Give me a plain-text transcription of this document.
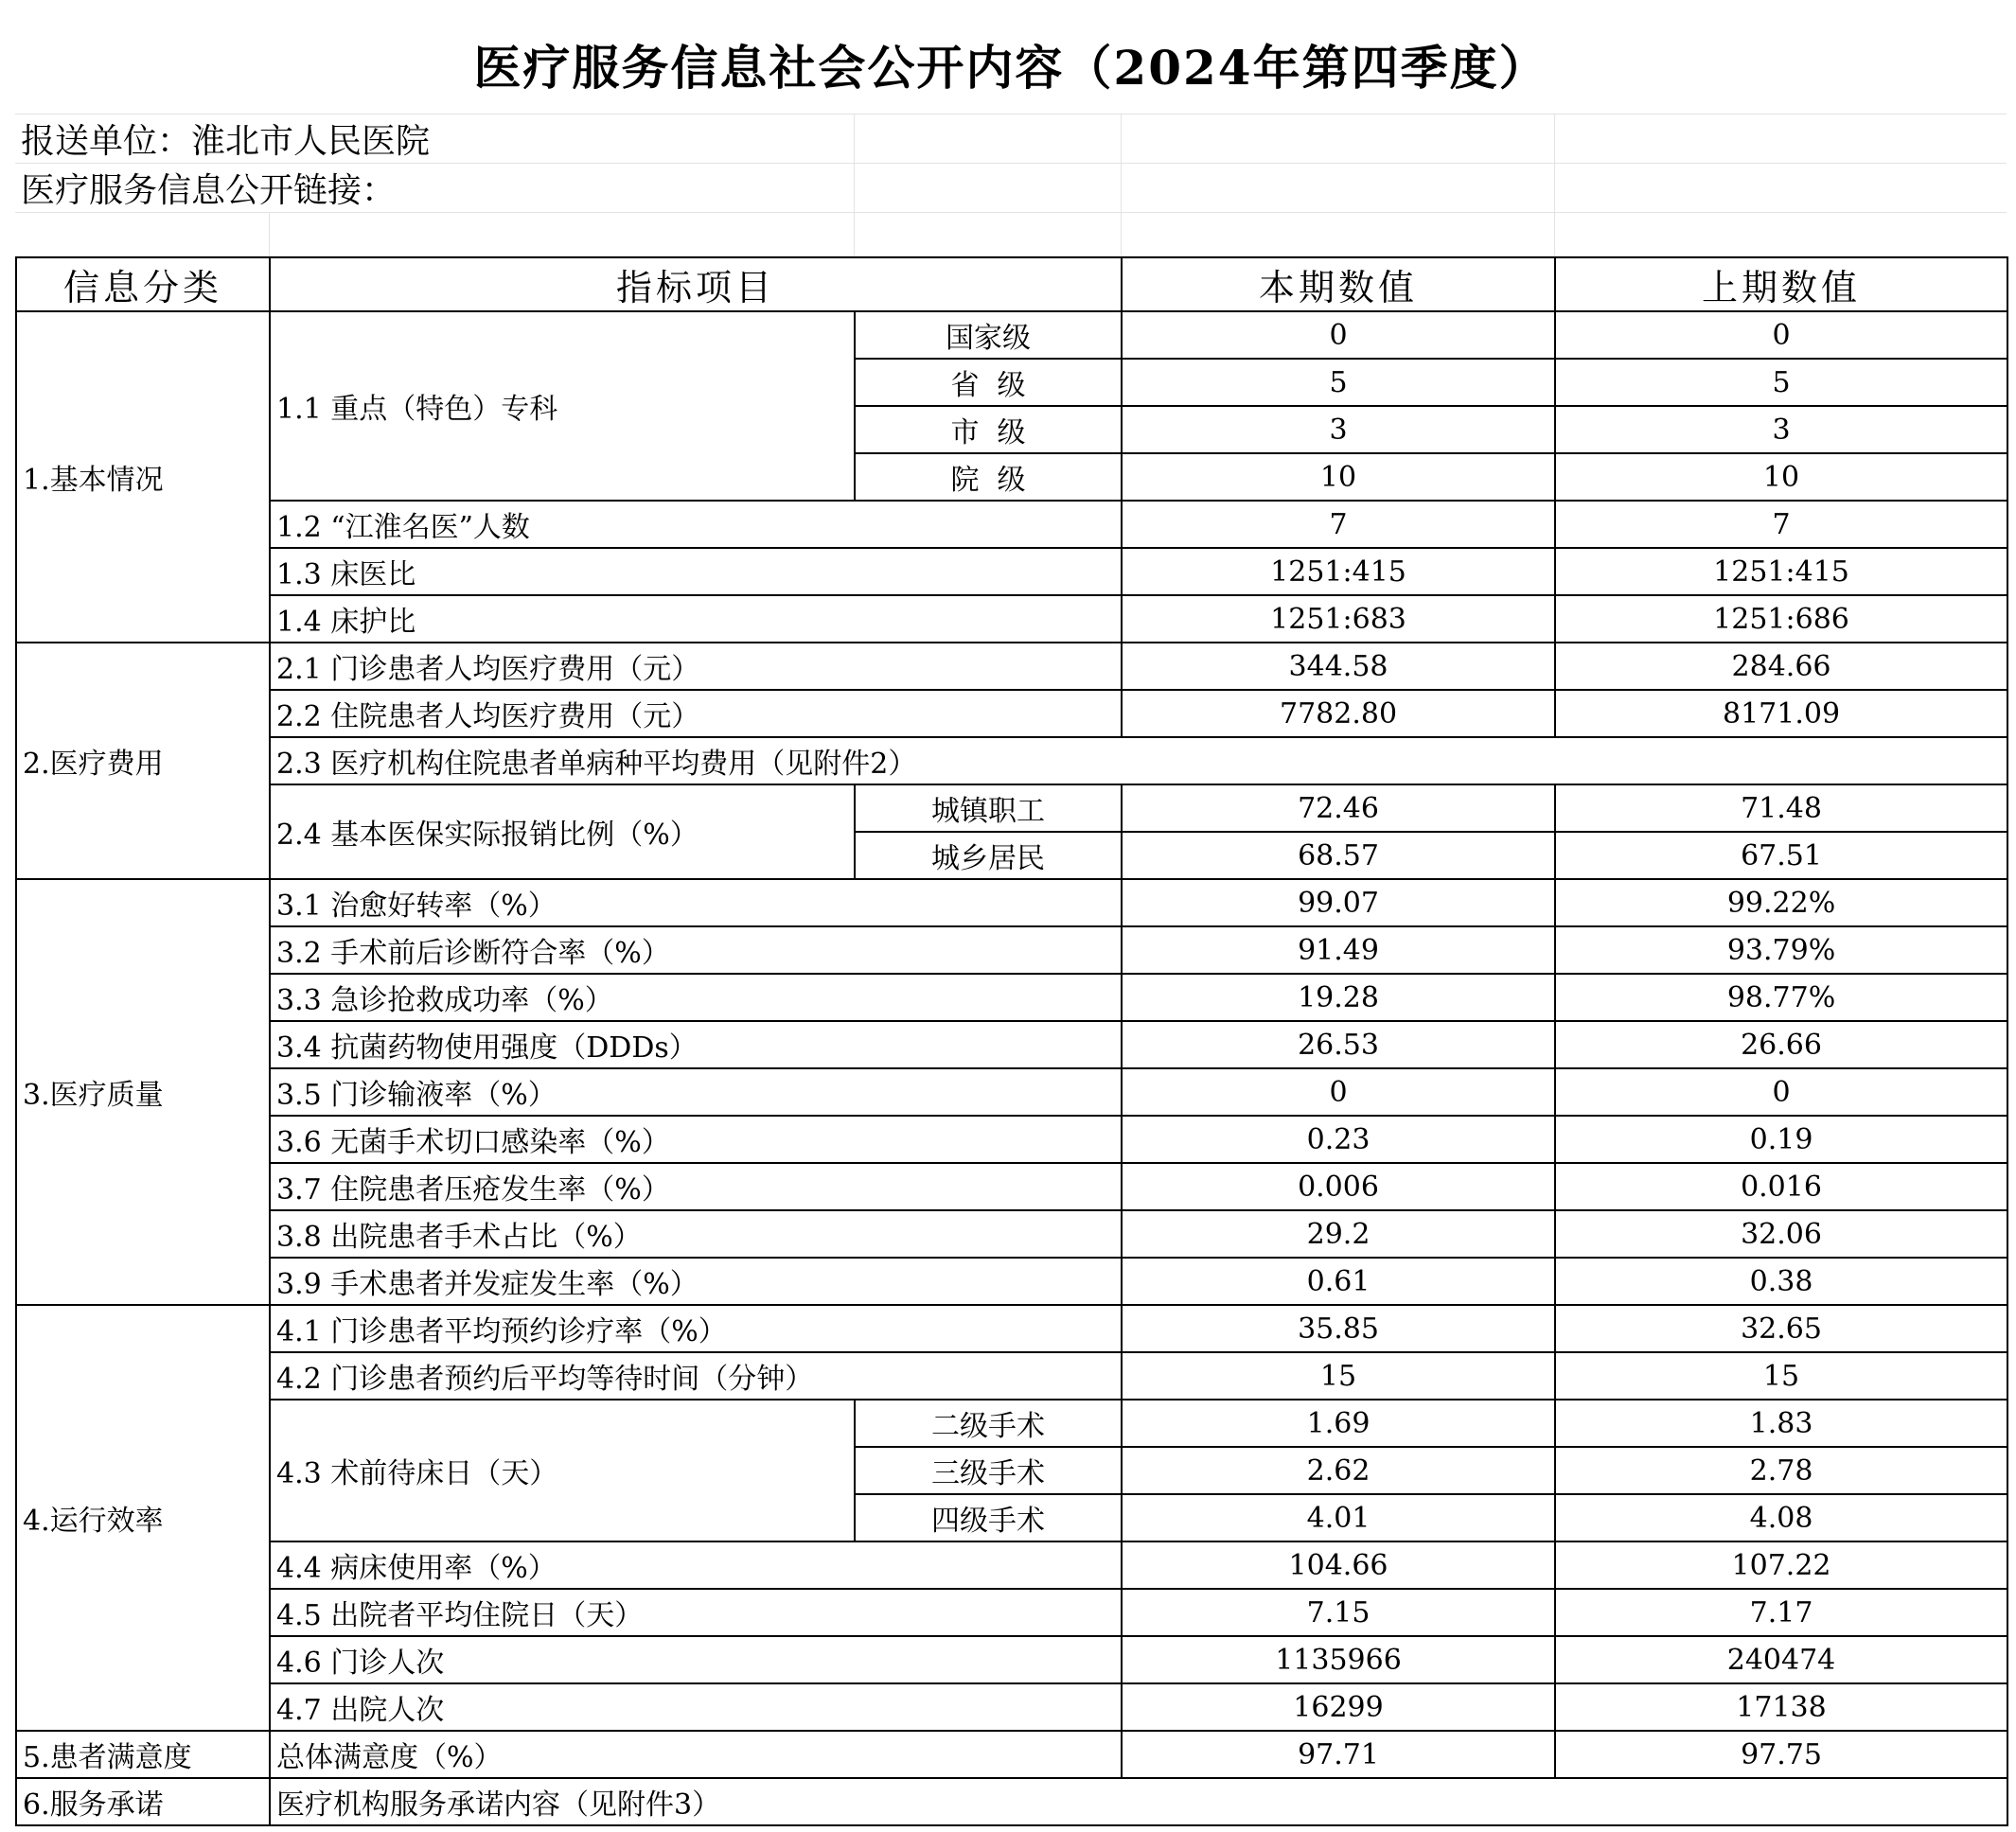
医疗服务信息社会公开内容（2024年第四季度）				
报送单位：淮北市人民医院				
医疗服务信息公开链接：				

信息分类	指标项目		本期数值	上期数值
1.基本情况	1.1 重点（特色）专科	国家级	0	0
		省  级	5	5
		市  级	3	3
		院  级	10	10
	1.2 “江淮名医”人数		7	7
	1.3 床医比		1251:415	1251:415
	1.4 床护比		1251:683	1251:686
2.医疗费用	2.1 门诊患者人均医疗费用（元）		344.58	284.66
	2.2 住院患者人均医疗费用（元）		7782.80	8171.09
	2.3 医疗机构住院患者单病种平均费用（见附件2）			
	2.4 基本医保实际报销比例（%）	城镇职工	72.46	71.48
		城乡居民	68.57	67.51
3.医疗质量	3.1 治愈好转率（%）		99.07	99.22%
	3.2 手术前后诊断符合率（%）		91.49	93.79%
	3.3 急诊抢救成功率（%）		19.28	98.77%
	3.4 抗菌药物使用强度（DDDs）		26.53	26.66
	3.5 门诊输液率（%）		0	0
	3.6 无菌手术切口感染率（%）		0.23	0.19
	3.7 住院患者压疮发生率（%）		0.006	0.016
	3.8 出院患者手术占比（%）		29.2	32.06
	3.9 手术患者并发症发生率（%）		0.61	0.38
4.运行效率	4.1 门诊患者平均预约诊疗率（%）		35.85	32.65
	4.2 门诊患者预约后平均等待时间（分钟）		15	15
	4.3 术前待床日（天）	二级手术	1.69	1.83
		三级手术	2.62	2.78
		四级手术	4.01	4.08
	4.4 病床使用率（%）		104.66	107.22
	4.5 出院者平均住院日（天）		7.15	7.17
	4.6 门诊人次		1135966	240474
	4.7 出院人次		16299	17138
5.患者满意度	总体满意度（%）		97.71	97.75
6.服务承诺	医疗机构服务承诺内容（见附件3）			
